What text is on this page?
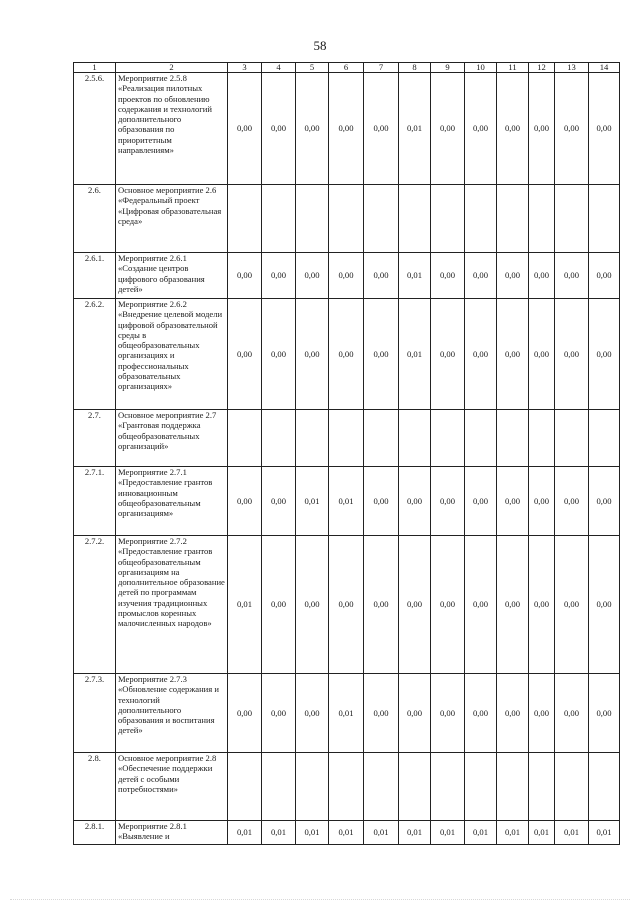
58
1	2	3	4	5	6	7	8	9	10	11	12	13	14
2.5.6.	Мероприятие 2.5.8
«Реализация пилотных проектов по обновлению содержания и технологий дополнительного образования по приоритетным направлениям»	0,00	0,00	0,00	0,00	0,00	0,01	0,00	0,00	0,00	0,00	0,00	0,00
2.6.	Основное мероприятие 2.6
«Федеральный проект «Цифровая образовательная среда»												
2.6.1.	Мероприятие 2.6.1
«Создание центров цифрового образования детей»	0,00	0,00	0,00	0,00	0,00	0,01	0,00	0,00	0,00	0,00	0,00	0,00
2.6.2.	Мероприятие 2.6.2
«Внедрение целевой модели цифровой образовательной среды в общеобразовательных организациях и профессиональных образовательных организациях»	0,00	0,00	0,00	0,00	0,00	0,01	0,00	0,00	0,00	0,00	0,00	0,00
2.7.	Основное мероприятие 2.7
«Грантовая поддержка общеобразовательных организаций»												
2.7.1.	Мероприятие 2.7.1
«Предоставление грантов инновационным общеобразовательным организациям»	0,00	0,00	0,01	0,01	0,00	0,00	0,00	0,00	0,00	0,00	0,00	0,00
2.7.2.	Мероприятие 2.7.2
«Предоставление грантов общеобразовательным организациям на дополнительное образование детей по программам изучения традиционных промыслов коренных малочисленных народов»	0,01	0,00	0,00	0,00	0,00	0,00	0,00	0,00	0,00	0,00	0,00	0,00
2.7.3.	Мероприятие 2.7.3
«Обновление содержания и технологий дополнительного образования и воспитания детей»	0,00	0,00	0,00	0,01	0,00	0,00	0,00	0,00	0,00	0,00	0,00	0,00
2.8.	Основное мероприятие 2.8
«Обеспечение поддержки детей с особыми потребностями»												
2.8.1.	Мероприятие 2.8.1
«Выявление и	0,01	0,01	0,01	0,01	0,01	0,01	0,01	0,01	0,01	0,01	0,01	0,01
